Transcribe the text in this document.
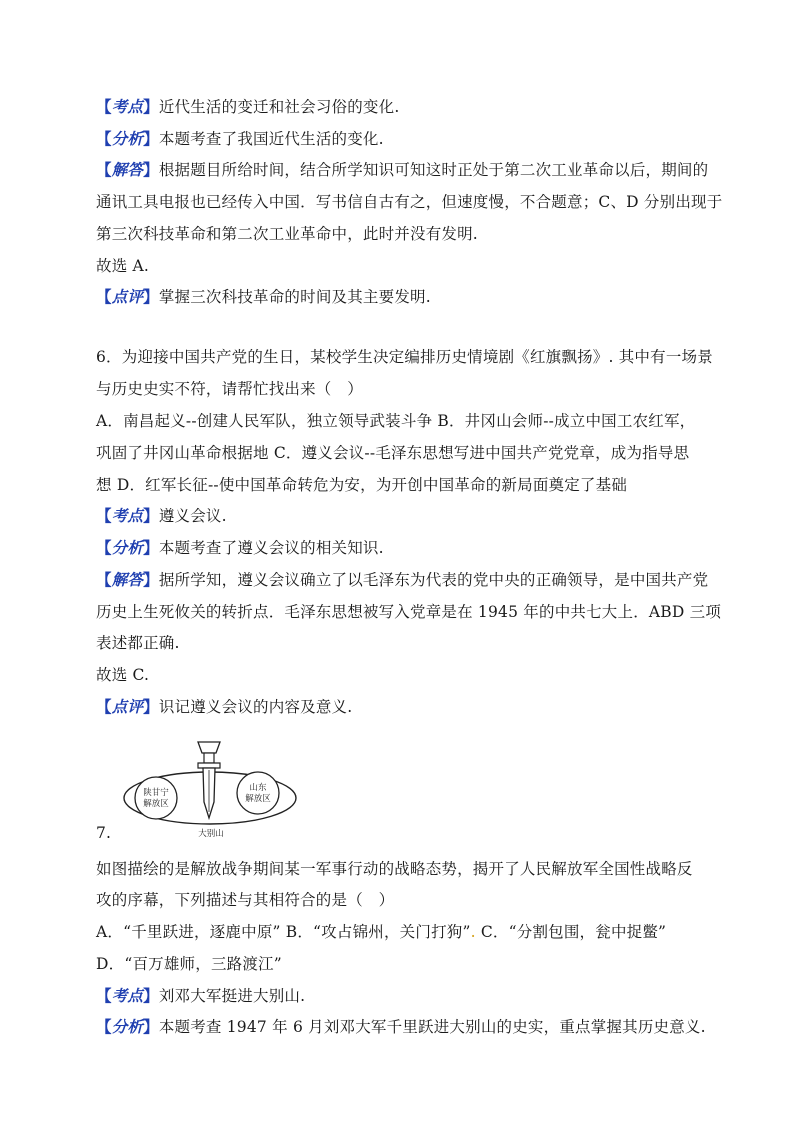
【考点】近代生活的变迁和社会习俗的变化.
【分析】本题考查了我国近代生活的变化.
【解答】根据题目所给时间，结合所学知识可知这时正处于第二次工业革命以后，期间的
通讯工具电报也已经传入中国．写书信自古有之，但速度慢，不合题意；C、D 分别出现于
第三次科技革命和第二次工业革命中，此时并没有发明.
故选 A.
【点评】掌握三次科技革命的时间及其主要发明.
6．为迎接中国共产党的生日，某校学生决定编排历史情境剧《红旗飘扬》. 其中有一场景
与历史史实不符，请帮忙找出来（　）
A．南昌起义--创建人民军队，独立领导武装斗争 B．井冈山会师--成立中国工农红军，
巩固了井冈山革命根据地 C．遵义会议--毛泽东思想写进中国共产党党章，成为指导思
想 D．红军长征--使中国革命转危为安，为开创中国革命的新局面奠定了基础
【考点】遵义会议.
【分析】本题考查了遵义会议的相关知识.
【解答】据所学知，遵义会议确立了以毛泽东为代表的党中央的正确领导，是中国共产党
历史上生死攸关的转折点．毛泽东思想被写入党章是在 1945 年的中共七大上．ABD 三项
表述都正确.
故选 C.
【点评】识记遵义会议的内容及意义.
陕甘宁
解放区
山东
解放区
大别山
7.
如图描绘的是解放战争期间某一军事行动的战略态势，揭开了人民解放军全国性战略反
攻的序幕，下列描述与其相符合的是（　）
A．“千里跃进，逐鹿中原” B．“攻占锦州，关门打狗”. C．“分割包围，瓮中捉鳖”
D．“百万雄师，三路渡江”
【考点】刘邓大军挺进大别山.
【分析】本题考查 1947 年 6 月刘邓大军千里跃进大别山的史实，重点掌握其历史意义.
